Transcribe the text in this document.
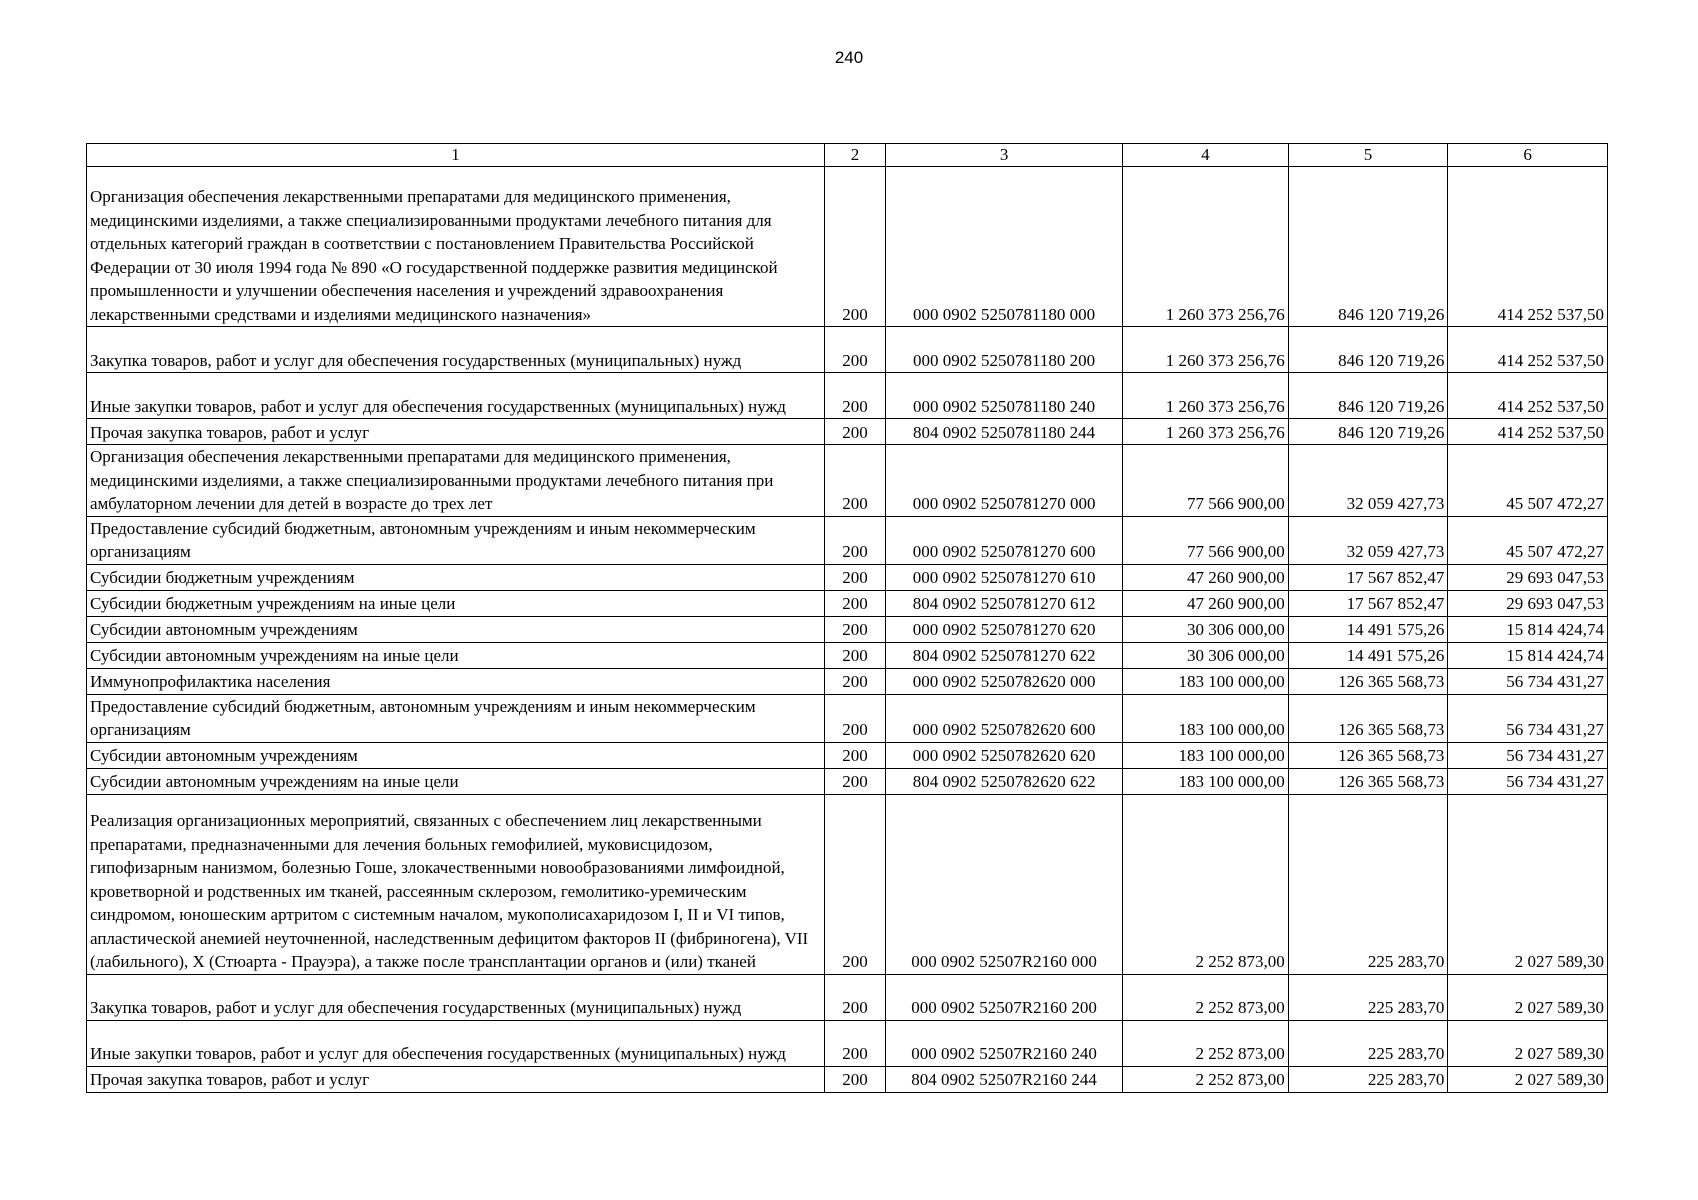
240
1	2	3	4	5	6
Организация обеспечения лекарственными препаратами для медицинского применения, медицинскими изделиями, а также специализированными продуктами лечебного питания для отдельных категорий граждан в соответствии с постановлением Правительства Российской Федерации от 30 июля 1994 года № 890 «О государственной поддержке развития медицинской промышленности и улучшении обеспечения населения и учреждений здравоохранения лекарственными средствами и изделиями медицинского назначения»	200	000 0902 5250781180 000	1 260 373 256,76	846 120 719,26	414 252 537,50
Закупка товаров, работ и услуг для обеспечения государственных (муниципальных) нужд	200	000 0902 5250781180 200	1 260 373 256,76	846 120 719,26	414 252 537,50
Иные закупки товаров, работ и услуг для обеспечения государственных (муниципальных) нужд	200	000 0902 5250781180 240	1 260 373 256,76	846 120 719,26	414 252 537,50
Прочая закупка товаров, работ и услуг	200	804 0902 5250781180 244	1 260 373 256,76	846 120 719,26	414 252 537,50
Организация обеспечения лекарственными препаратами для медицинского применения, медицинскими изделиями, а также специализированными продуктами лечебного питания при амбулаторном лечении для детей в возрасте до трех лет	200	000 0902 5250781270 000	77 566 900,00	32 059 427,73	45 507 472,27
Предоставление субсидий бюджетным, автономным учреждениям и иным некоммерческим организациям	200	000 0902 5250781270 600	77 566 900,00	32 059 427,73	45 507 472,27
Субсидии бюджетным учреждениям	200	000 0902 5250781270 610	47 260 900,00	17 567 852,47	29 693 047,53
Субсидии бюджетным учреждениям на иные цели	200	804 0902 5250781270 612	47 260 900,00	17 567 852,47	29 693 047,53
Субсидии автономным учреждениям	200	000 0902 5250781270 620	30 306 000,00	14 491 575,26	15 814 424,74
Субсидии автономным учреждениям на иные цели	200	804 0902 5250781270 622	30 306 000,00	14 491 575,26	15 814 424,74
Иммунопрофилактика населения	200	000 0902 5250782620 000	183 100 000,00	126 365 568,73	56 734 431,27
Предоставление субсидий бюджетным, автономным учреждениям и иным некоммерческим организациям	200	000 0902 5250782620 600	183 100 000,00	126 365 568,73	56 734 431,27
Субсидии автономным учреждениям	200	000 0902 5250782620 620	183 100 000,00	126 365 568,73	56 734 431,27
Субсидии автономным учреждениям на иные цели	200	804 0902 5250782620 622	183 100 000,00	126 365 568,73	56 734 431,27
Реализация организационных мероприятий, связанных с обеспечением лиц лекарственными препаратами, предназначенными для лечения больных гемофилией, муковисцидозом, гипофизарным нанизмом, болезнью Гоше, злокачественными новообразованиями лимфоидной, кроветворной и родственных им тканей, рассеянным склерозом, гемолитико-уремическим синдромом, юношеским артритом с системным началом, мукополисахаридозом I, II и VI типов, апластической анемией неуточненной, наследственным дефицитом факторов II (фибриногена), VII (лабильного), X (Стюарта - Прауэра), а также после трансплантации органов и (или) тканей	200	000 0902 52507R2160 000	2 252 873,00	225 283,70	2 027 589,30
Закупка товаров, работ и услуг для обеспечения государственных (муниципальных) нужд	200	000 0902 52507R2160 200	2 252 873,00	225 283,70	2 027 589,30
Иные закупки товаров, работ и услуг для обеспечения государственных (муниципальных) нужд	200	000 0902 52507R2160 240	2 252 873,00	225 283,70	2 027 589,30
Прочая закупка товаров, работ и услуг	200	804 0902 52507R2160 244	2 252 873,00	225 283,70	2 027 589,30
